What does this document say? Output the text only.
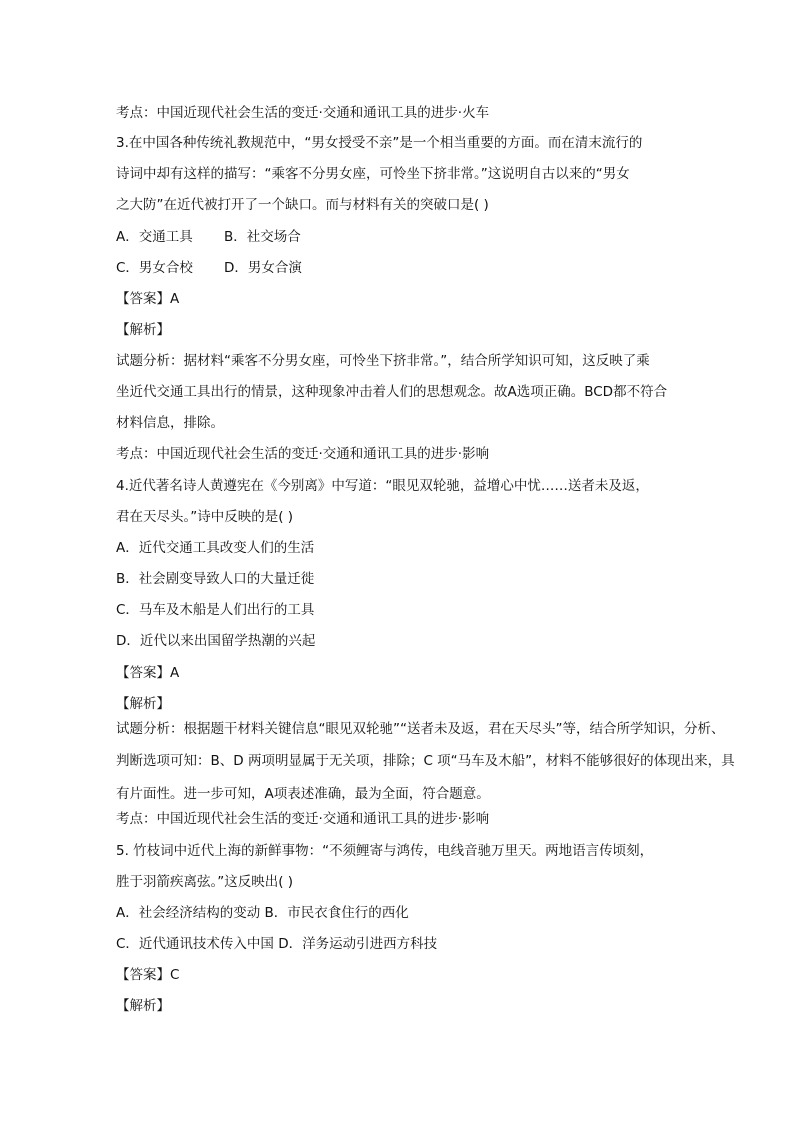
考点：中国近现代社会生活的变迁·交通和通讯工具的进步·火车
3.在中国各种传统礼教规范中，“男女授受不亲”是一个相当重要的方面。而在清末流行的
诗词中却有这样的描写：“乘客不分男女座，可怜坐下挤非常。”这说明自古以来的“男女
之大防”在近代被打开了一个缺口。而与材料有关的突破口是( )
A．交通工具 B．社交场合
C．男女合校 D．男女合演
【答案】A
【解析】
试题分析：据材料“乘客不分男女座，可怜坐下挤非常。”，结合所学知识可知，这反映了乘
坐近代交通工具出行的情景，这种现象冲击着人们的思想观念。故A选项正确。BCD都不符合
材料信息，排除。
考点：中国近现代社会生活的变迁·交通和通讯工具的进步·影响
4.近代著名诗人黄遵宪在《今别离》中写道：“眼见双轮驰，益增心中忧……送者未及返，
君在天尽头。”诗中反映的是( )
A．近代交通工具改变人们的生活
B．社会剧变导致人口的大量迁徙
C．马车及木船是人们出行的工具
D．近代以来出国留学热潮的兴起
【答案】A
【解析】
试题分析：根据题干材料关键信息“眼见双轮驰”“送者未及返，君在天尽头”等，结合所学知识，分析、
判断选项可知：B、D 两项明显属于无关项，排除；C 项“马车及木船”，材料不能够很好的体现出来，具
有片面性。进一步可知，A项表述准确，最为全面，符合题意。
考点：中国近现代社会生活的变迁·交通和通讯工具的进步·影响
5. 竹枝词中近代上海的新鲜事物：“不须鲤寄与鸿传，电线音驰万里天。两地语言传顷刻，
胜于羽箭疾离弦。”这反映出( )
A．社会经济结构的变动 B．市民衣食住行的西化
C．近代通讯技术传入中国 D．洋务运动引进西方科技
【答案】C
【解析】
